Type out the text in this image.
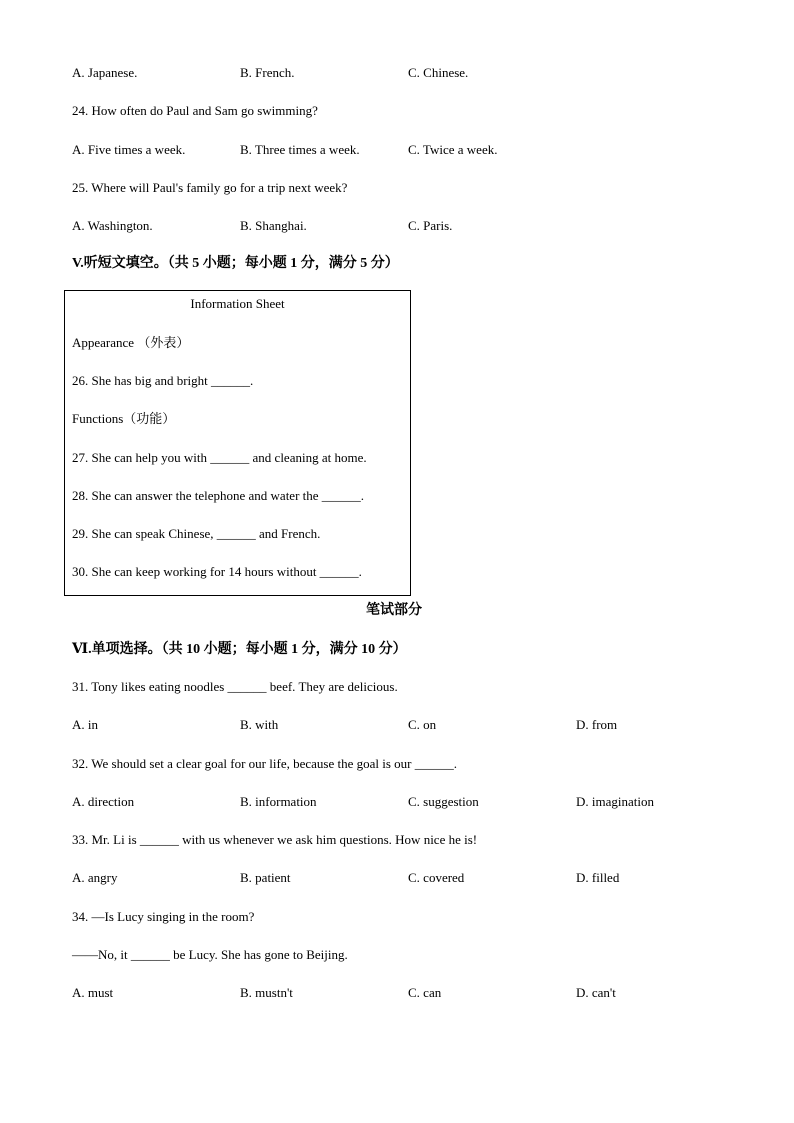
A. Japanese.	B. French.	C. Chinese.
24. How often do Paul and Sam go swimming?
A. Five times a week.	B. Three times a week.	C. Twice a week.
25. Where will Paul's family go for a trip next week?
A. Washington.	B. Shanghai.	C. Paris.
V.听短文填空。（共 5 小题；每小题 1 分，满分 5 分）
Information Sheet
Appearance （外表）
26. She has big and bright ______.
Functions（功能）
27. She can help you with ______ and cleaning at home.
28. She can answer the telephone and water the ______.
29. She can speak Chinese, ______ and French.
30. She can keep working for 14 hours without ______.
笔试部分
Ⅵ.单项选择。（共 10 小题；每小题 1 分，满分 10 分）
31. Tony likes eating noodles ______ beef. They are delicious.
A. in	B. with	C. on	D. from
32. We should set a clear goal for our life, because the goal is our ______.
A. direction	B. information	C. suggestion	D. imagination
33. Mr. Li is ______ with us whenever we ask him questions. How nice he is!
A. angry	B. patient	C. covered	D. filled
34. —Is Lucy singing in the room?
——No, it ______ be Lucy. She has gone to Beijing.
A. must	B. mustn't	C. can	D. can't
